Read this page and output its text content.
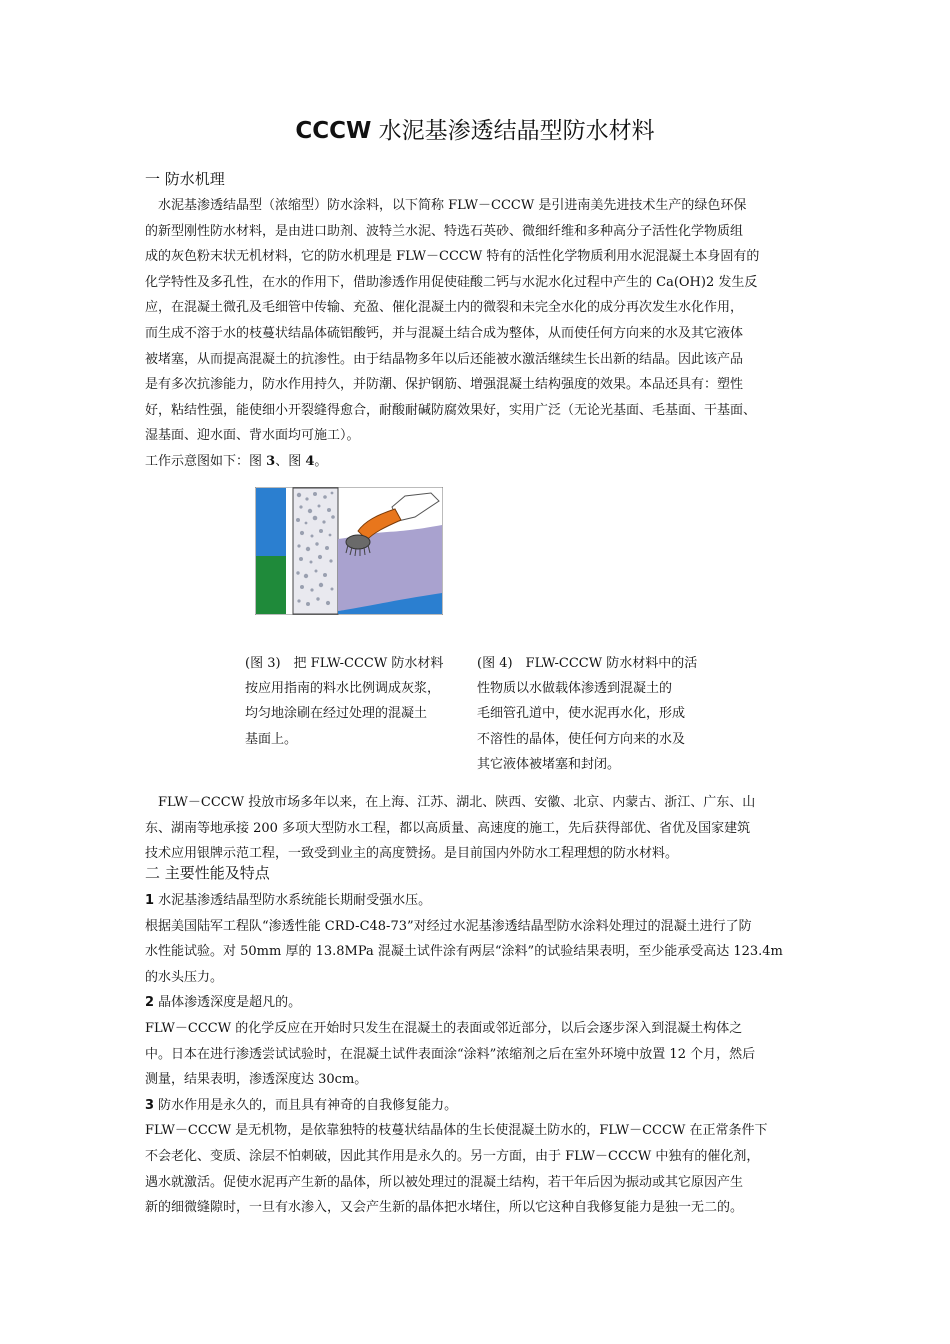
CCCW 水泥基渗透结晶型防水材料
一 防水机理
　水泥基渗透结晶型（浓缩型）防水涂料，以下简称 FLW－CCCW 是引进南美先进技术生产的绿色环保
的新型刚性防水材料，是由进口助剂、波特兰水泥、特选石英砂、微细纤维和多种高分子活性化学物质组
成的灰色粉末状无机材料，它的防水机理是 FLW－CCCW 特有的活性化学物质利用水泥混凝土本身固有的
化学特性及多孔性，在水的作用下，借助渗透作用促使硅酸二钙与水泥水化过程中产生的 Ca(OH)2 发生反
应，在混凝土微孔及毛细管中传输、充盈、催化混凝土内的微裂和未完全水化的成分再次发生水化作用，
而生成不溶于水的枝蔓状结晶体硫铝酸钙，并与混凝土结合成为整体，从而使任何方向来的水及其它液体
被堵塞，从而提高混凝土的抗渗性。由于结晶物多年以后还能被水激活继续生长出新的结晶。因此该产品
是有多次抗渗能力，防水作用持久，并防潮、保护钢筋、增强混凝土结构强度的效果。本品还具有：塑性
好，粘结性强，能使细小开裂缝得愈合，耐酸耐碱防腐效果好，实用广泛（无论光基面、毛基面、干基面、
湿基面、迎水面、背水面均可施工）。
工作示意图如下：图 3、图 4。
(图 3)　把 FLW-CCCW 防水材料
按应用指南的料水比例调成灰浆，
均匀地涂刷在经过处理的混凝土
基面上。
(图 4)　FLW-CCCW 防水材料中的活
性物质以水做载体渗透到混凝土的
毛细管孔道中，使水泥再水化，形成
不溶性的晶体，使任何方向来的水及
其它液体被堵塞和封闭。
　FLW－CCCW 投放市场多年以来，在上海、江苏、湖北、陕西、安徽、北京、内蒙古、浙江、广东、山
东、湖南等地承接 200 多项大型防水工程，都以高质量、高速度的施工，先后获得部优、省优及国家建筑
技术应用银牌示范工程，一致受到业主的高度赞扬。是目前国内外防水工程理想的防水材料。
二 主要性能及特点
1 水泥基渗透结晶型防水系统能长期耐受强水压。
根据美国陆军工程队“渗透性能 CRD-C48-73”对经过水泥基渗透结晶型防水涂料处理过的混凝土进行了防
水性能试验。对 50mm 厚的 13.8MPa 混凝土试件涂有两层“涂料”的试验结果表明，至少能承受高达 123.4m
的水头压力。
2 晶体渗透深度是超凡的。
FLW－CCCW 的化学反应在开始时只发生在混凝土的表面或邻近部分，以后会逐步深入到混凝土构体之
中。日本在进行渗透尝试试验时，在混凝土试件表面涂“涂料”浓缩剂之后在室外环境中放置 12 个月，然后
测量，结果表明，渗透深度达 30cm。
3 防水作用是永久的，而且具有神奇的自我修复能力。
FLW－CCCW 是无机物，是依靠独特的枝蔓状结晶体的生长使混凝土防水的，FLW－CCCW 在正常条件下
不会老化、变质、涂层不怕刺破，因此其作用是永久的。另一方面，由于 FLW－CCCW 中独有的催化剂，
遇水就激活。促使水泥再产生新的晶体，所以被处理过的混凝土结构，若干年后因为振动或其它原因产生
新的细微缝隙时，一旦有水渗入，又会产生新的晶体把水堵住，所以它这种自我修复能力是独一无二的。
